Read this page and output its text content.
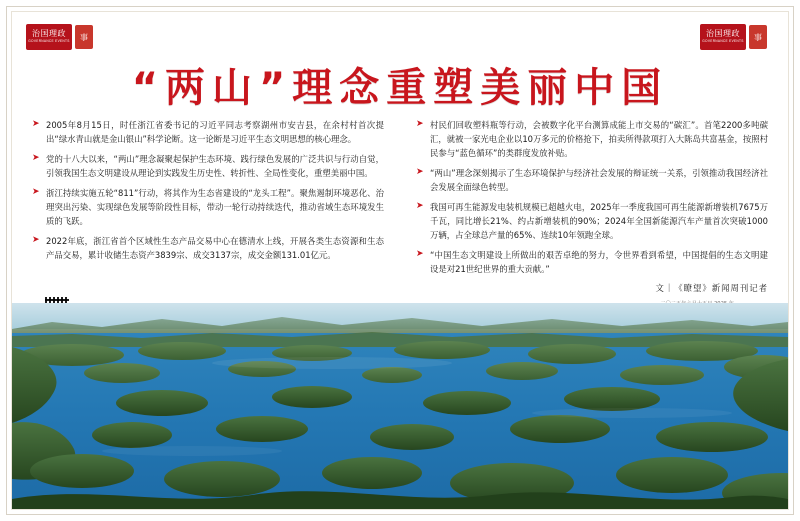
治国理政
GOVERNANCE EVENTS	事	治国理政
GOVERNANCE EVENTS	事
“两山”理念重塑美丽中国
➤ 2005年8月15日，时任浙江省委书记的习近平同志考察湖州市安吉县，在余村村首次提出“绿水青山就是金山银山”科学论断。这一论断是习近平生态文明思想的核心理念。
➤ 党的十八大以来，“两山”理念凝聚起保护生态环境、践行绿色发展的广泛共识与行动自觉，引领我国生态文明建设从理论到实践发生历史性、转折性、全局性变化，重塑美丽中国。
➤ 浙江持续实施五轮“811”行动，将其作为生态省建设的“龙头工程”。聚焦遏制环境恶化、治理突出污染、实现绿色发展等阶段性目标，带动一轮行动持续迭代，推动省域生态环境发生质的飞跃。
➤ 2022年底，浙江省首个区域性生态产品交易中心在德清水上线，开展各类生态资源和生态产品交易，累计收储生态资产3839宗、成交3137宗，成交金额131.01亿元。
➤ 村民们回收塑料瓶等行动，会被数字化平台测算成能上市交易的“碳汇”。首笔2200多吨碳汇，就被一家光电企业以10万多元的价格抢下，拍卖所得款项打入大陈岛共富基金，按照村民参与“蓝色循环”的类群度发放补贴。
➤ “两山”理念深刻揭示了生态环境保护与经济社会发展的辩证统一关系，引领推动我国经济社会发展全面绿色转型。
➤ 我国可再生能源发电装机规模已超越火电，2025年一季度我国可再生能源新增装机7675万千瓦，同比增长21%、约占新增装机的90%；2024年全国新能源汽车产量首次突破1000万辆，占全球总产量的65%、连续10年领跑全球。
➤ “中国生态文明建设上所做出的艰苦卓绝的努力，令世界看到希望，中国提倡的生态文明建设是对21世纪世界的重大贡献。”
文｜《瞭望》新闻周刊记者
